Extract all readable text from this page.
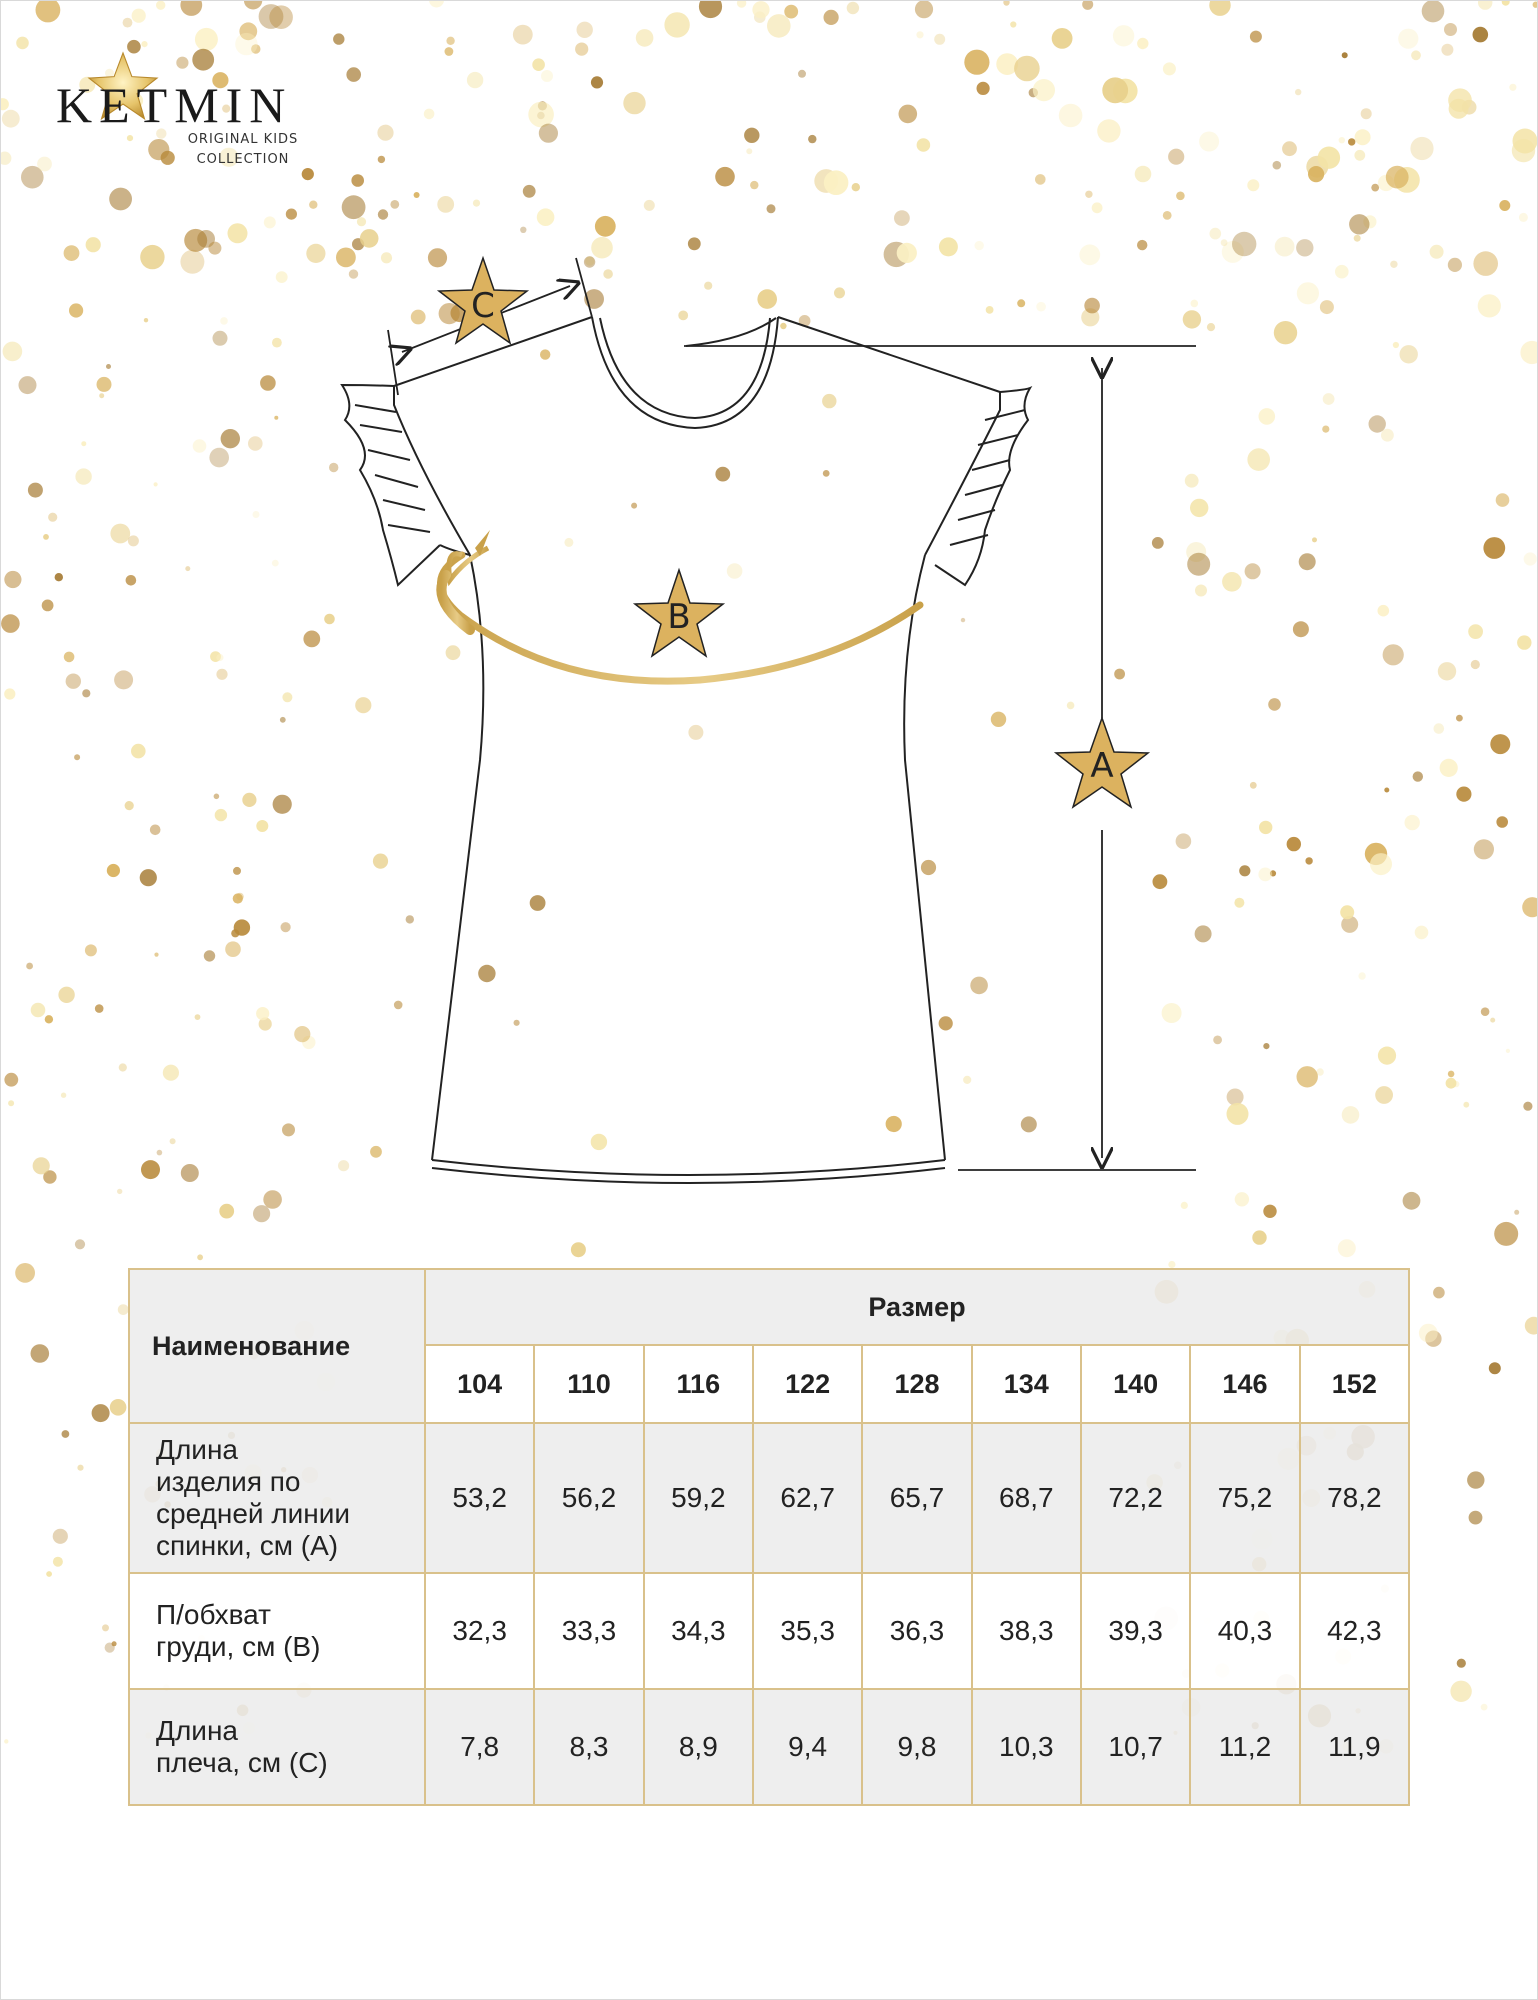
KETMIN
ORIGINAL KIDS
COLLECTION
C
B
A
Наименование	Размер								
	104	110	116	122	128	134	140	146	152

Длина
изделия по
средней линии
спинки, см (А)	53,2	56,2	59,2	62,7	65,7	68,7	72,2	75,2	78,2

П/обхват
груди, см (В)	32,3	33,3	34,3	35,3	36,3	38,3	39,3	40,3	42,3

Длина
плеча, см (С)	7,8	8,3	8,9	9,4	9,8	10,3	10,7	11,2	11,9
